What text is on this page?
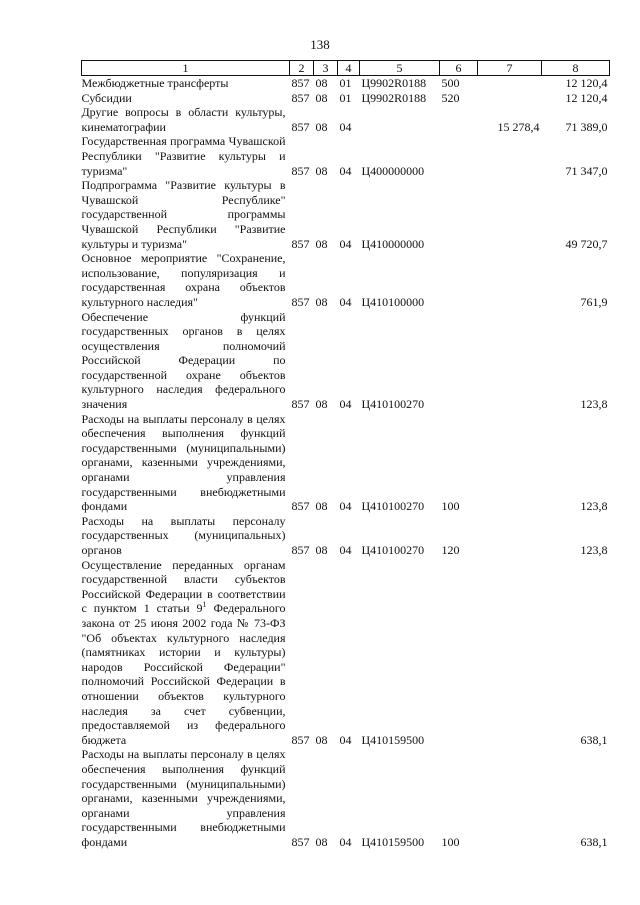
138
1	2	3	4	5	6	7	8
Межбюджетные трансферты	857	08	01	Ц9902R0188	500		12 120,4
Субсидии	857	08	01	Ц9902R0188	520		12 120,4
Другие вопросы в области культуры, кинематографии	857	08	04			15 278,4	71 389,0
Государственная программа Чувашской Республики "Развитие культуры и туризма"	857	08	04	Ц400000000			71 347,0
Подпрограмма "Развитие культуры в Чувашской Республике" государственной программы Чувашской Республики "Развитие культуры и туризма"	857	08	04	Ц410000000			49 720,7
Основное мероприятие "Сохранение, использование, популяризация и государственная охрана объектов культурного наследия"	857	08	04	Ц410100000			761,9
Обеспечение функций государственных органов в целях осуществления полномочий Российской Федерации по государственной охране объектов культурного наследия федерального значения	857	08	04	Ц410100270			123,8
Расходы на выплаты персоналу в целях обеспечения выполнения функций государственными (муниципальными) органами, казенными учреждениями, органами управления государственными внебюджетными фондами	857	08	04	Ц410100270	100		123,8
Расходы на выплаты персоналу государственных (муниципальных) органов	857	08	04	Ц410100270	120		123,8
Осуществление переданных органам государственной власти субъектов Российской Федерации в соответствии с пунктом 1 статьи $9^1$ Федерального закона от 25 июня 2002 года № 73-ФЗ "Об объектах культурного наследия (памятниках истории и культуры) народов Российской Федерации" полномочий Российской Федерации в отношении объектов культурного наследия за счет субвенции, предоставляемой из федерального бюджета	857	08	04	Ц410159500			638,1
Расходы на выплаты персоналу в целях обеспечения выполнения функций государственными (муниципальными) органами, казенными учреждениями, органами управления государственными внебюджетными фондами	857	08	04	Ц410159500	100		638,1
